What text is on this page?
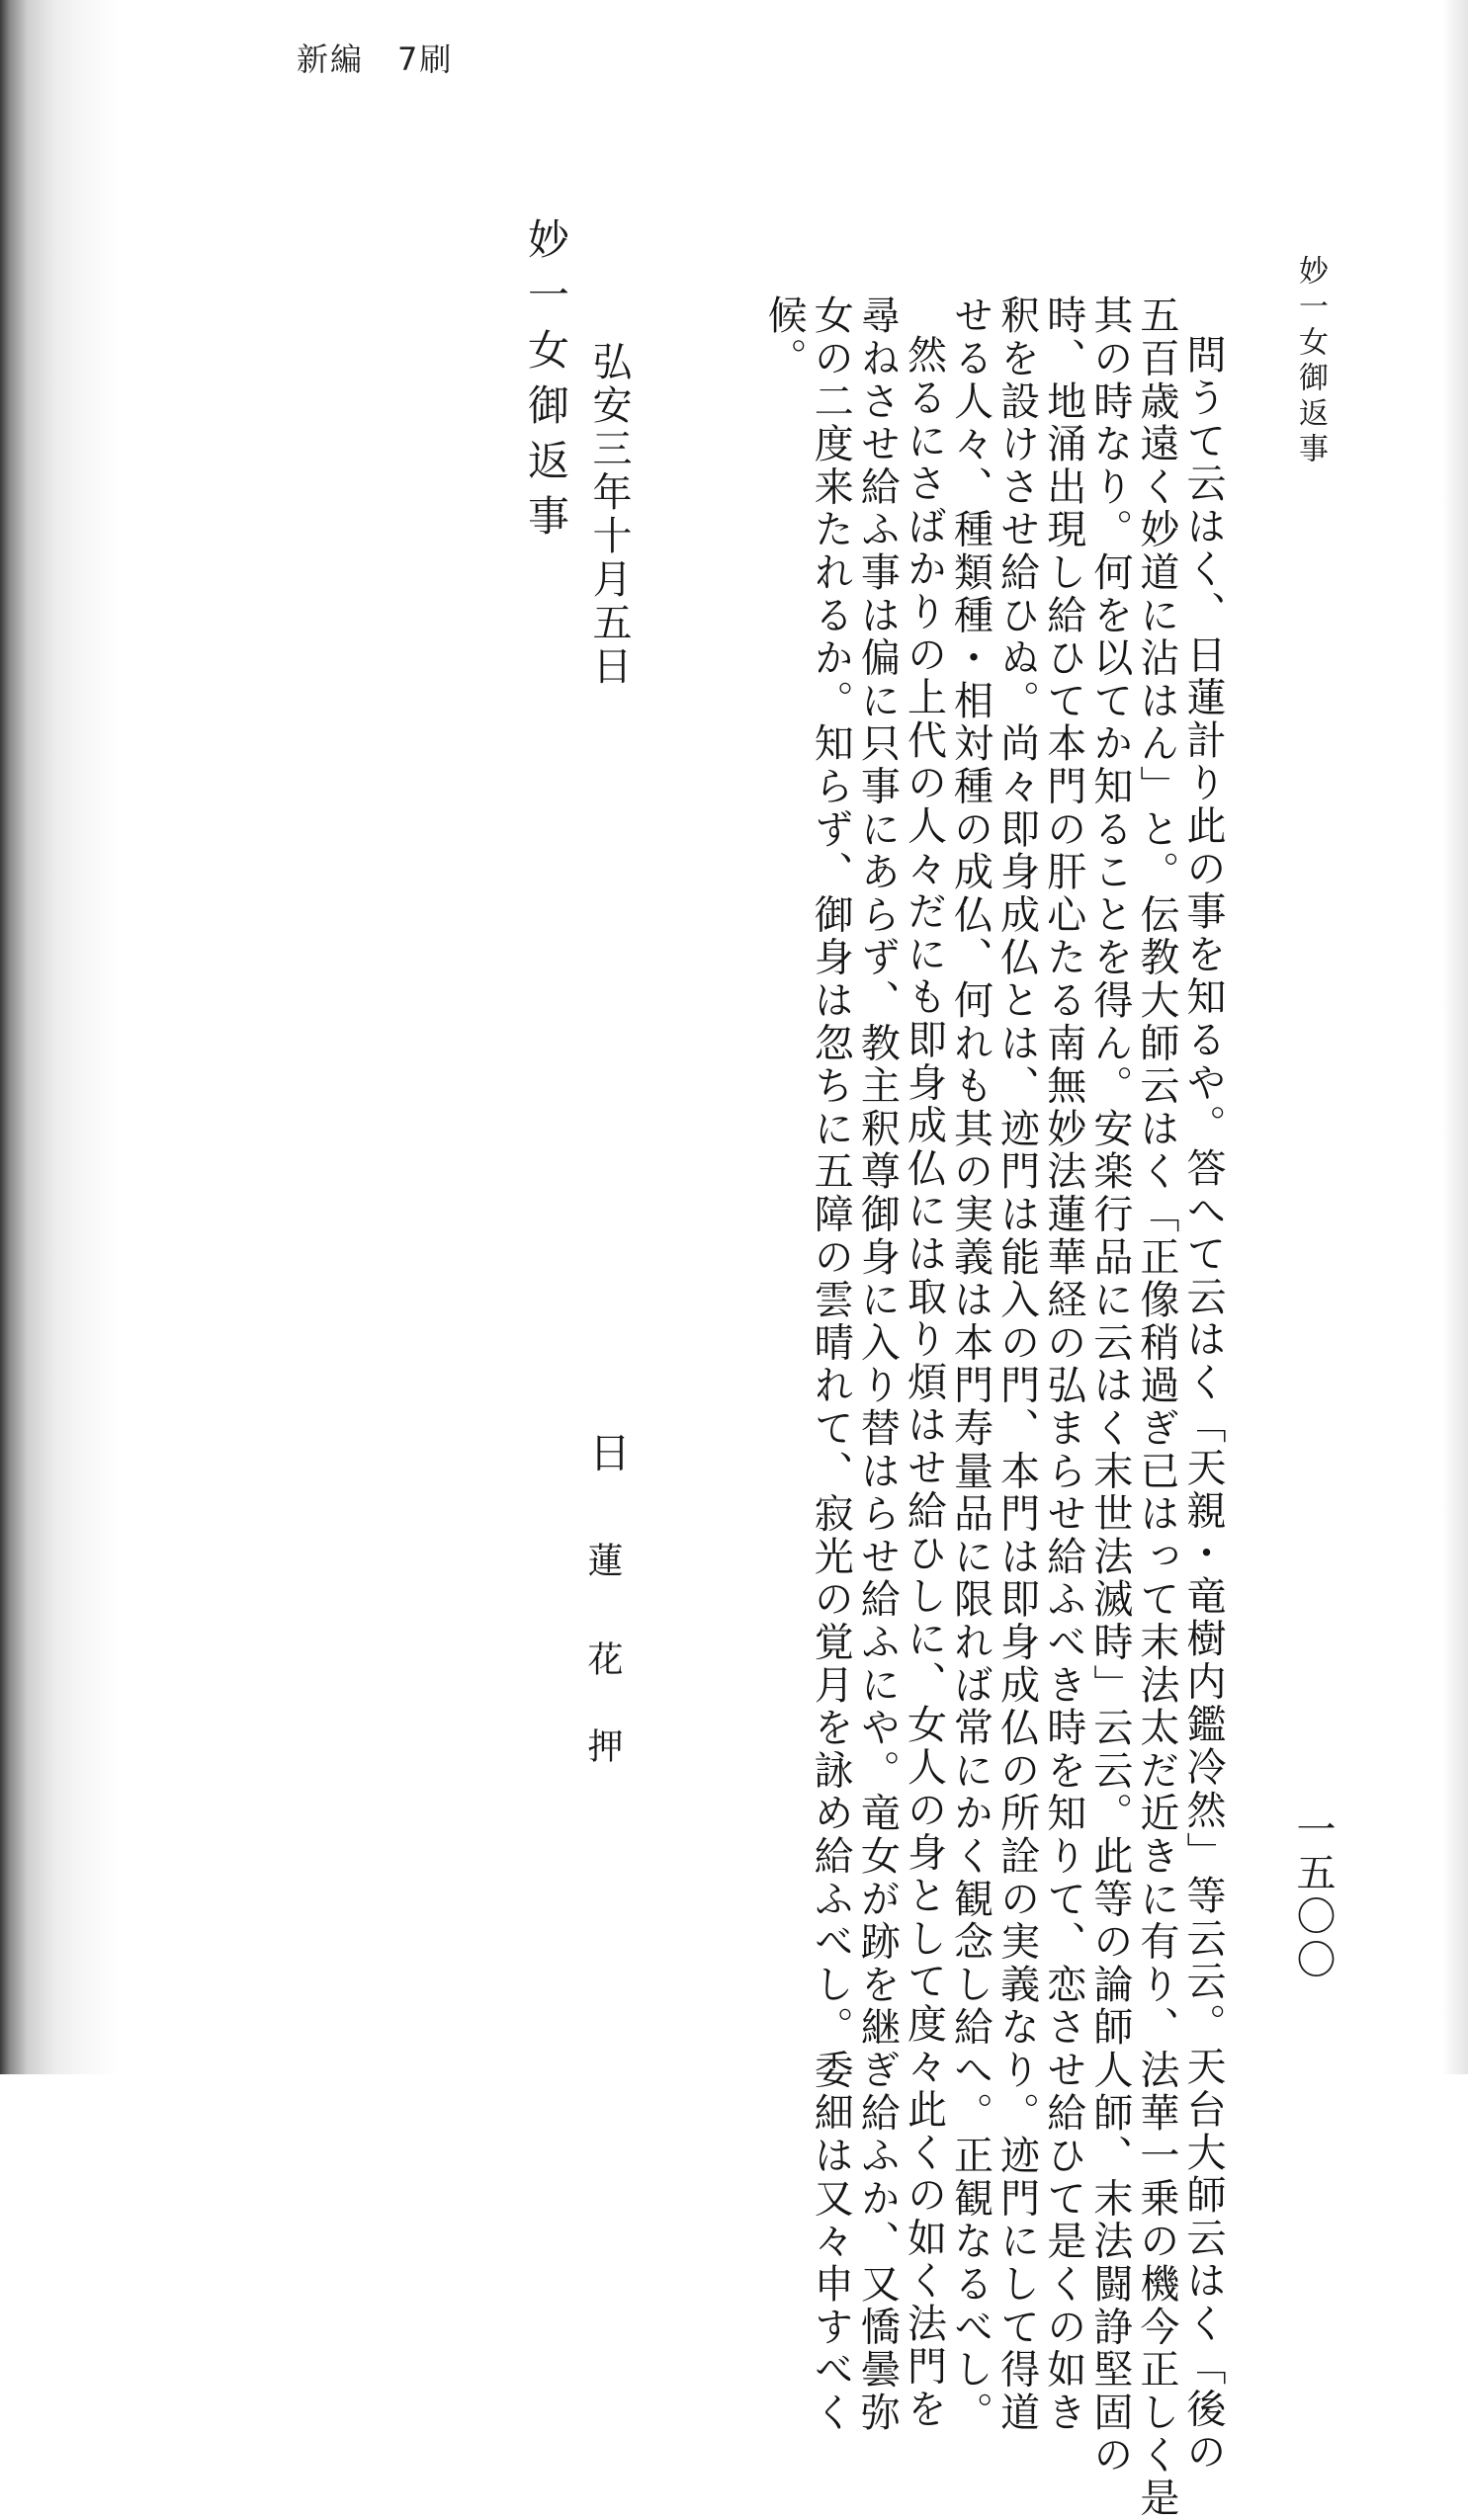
新編　7刷
妙一女御返事
一五〇〇

問うて云はく、日蓮計り此の事を知るや。答へて云はく「天親・竜樹内鑑冷然」等云云。天台大師云はく「後の

五百歳遠く妙道に沾はん」と。伝教大師云はく「正像稍過ぎ已はって末法太だ近きに有り、法華一乗の機今正しく是

其の時なり。何を以てか知ることを得ん。安楽行品に云はく末世法滅時」云云。此等の論師人師、末法闘諍堅固の

時、地涌出現し給ひて本門の肝心たる南無妙法蓮華経の弘まらせ給ふべき時を知りて、恋させ給ひて是くの如き

釈を設けさせ給ひぬ。尚々即身成仏とは、迹門は能入の門、本門は即身成仏の所詮の実義なり。迹門にして得道

せる人々、種類種・相対種の成仏、何れも其の実義は本門寿量品に限れば常にかく観念し給へ。正観なるべし。

然るにさばかりの上代の人々だにも即身成仏には取り煩はせ給ひしに、女人の身として度々此くの如く法門を

尋ねさせ給ふ事は偏に只事にあらず、教主釈尊御身に入り替はらせ給ふにや。竜女が跡を継ぎ給ふか、又憍曇弥

女の二度来たれるか。知らず、御身は忽ちに五障の雲晴れて、寂光の覚月を詠め給ふべし。委細は又々申すべく

候。

弘安三年十月五日
日
蓮
花
押
妙一女御返事
